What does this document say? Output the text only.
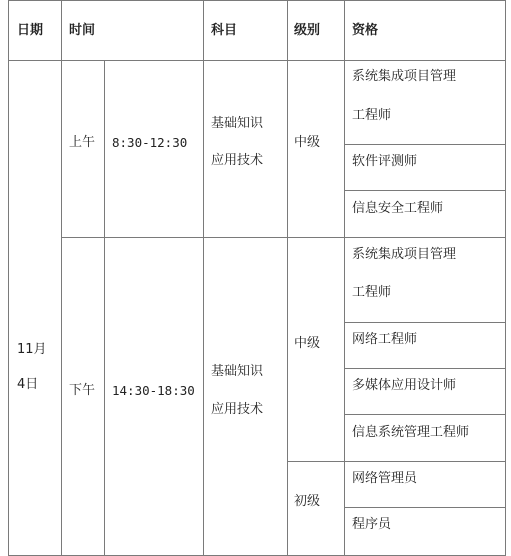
日期 时间	科目	级别 资格
11月
4日
上午 8:30-12:30
基础知识
应用技术
中级
系统集成项目管理
工程师
软件评测师
信息安全工程师
下午 14:30-18:30
基础知识
应用技术
中级
系统集成项目管理
工程师
网络工程师
多媒体应用设计师
信息系统管理工程师
初级
网络管理员
程序员
